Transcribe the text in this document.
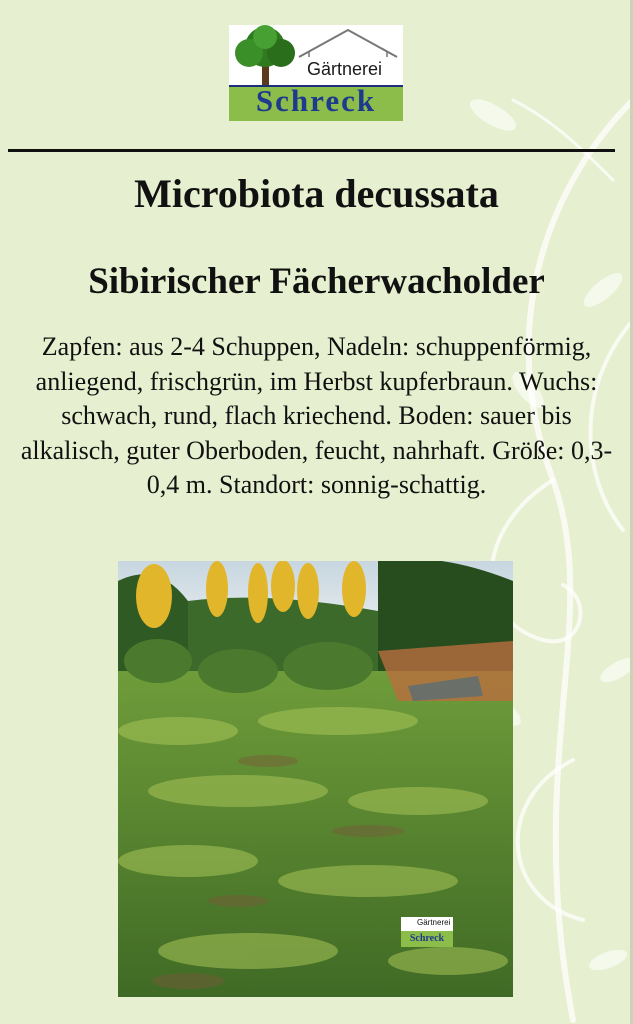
Gärtnerei
Schreck
Microbiota decussata
Sibirischer Fächerwacholder

Zapfen: aus 2-4 Schuppen, Nadeln: schuppenförmig, anliegend, frischgrün, im Herbst kupferbraun. Wuchs: schwach, rund, flach kriechend. Boden: sauer bis alkalisch, guter Oberboden, feucht, nahrhaft. Größe: 0,3-0,4 m. Standort: sonnig-schattig.

Gärtnerei
Schreck
